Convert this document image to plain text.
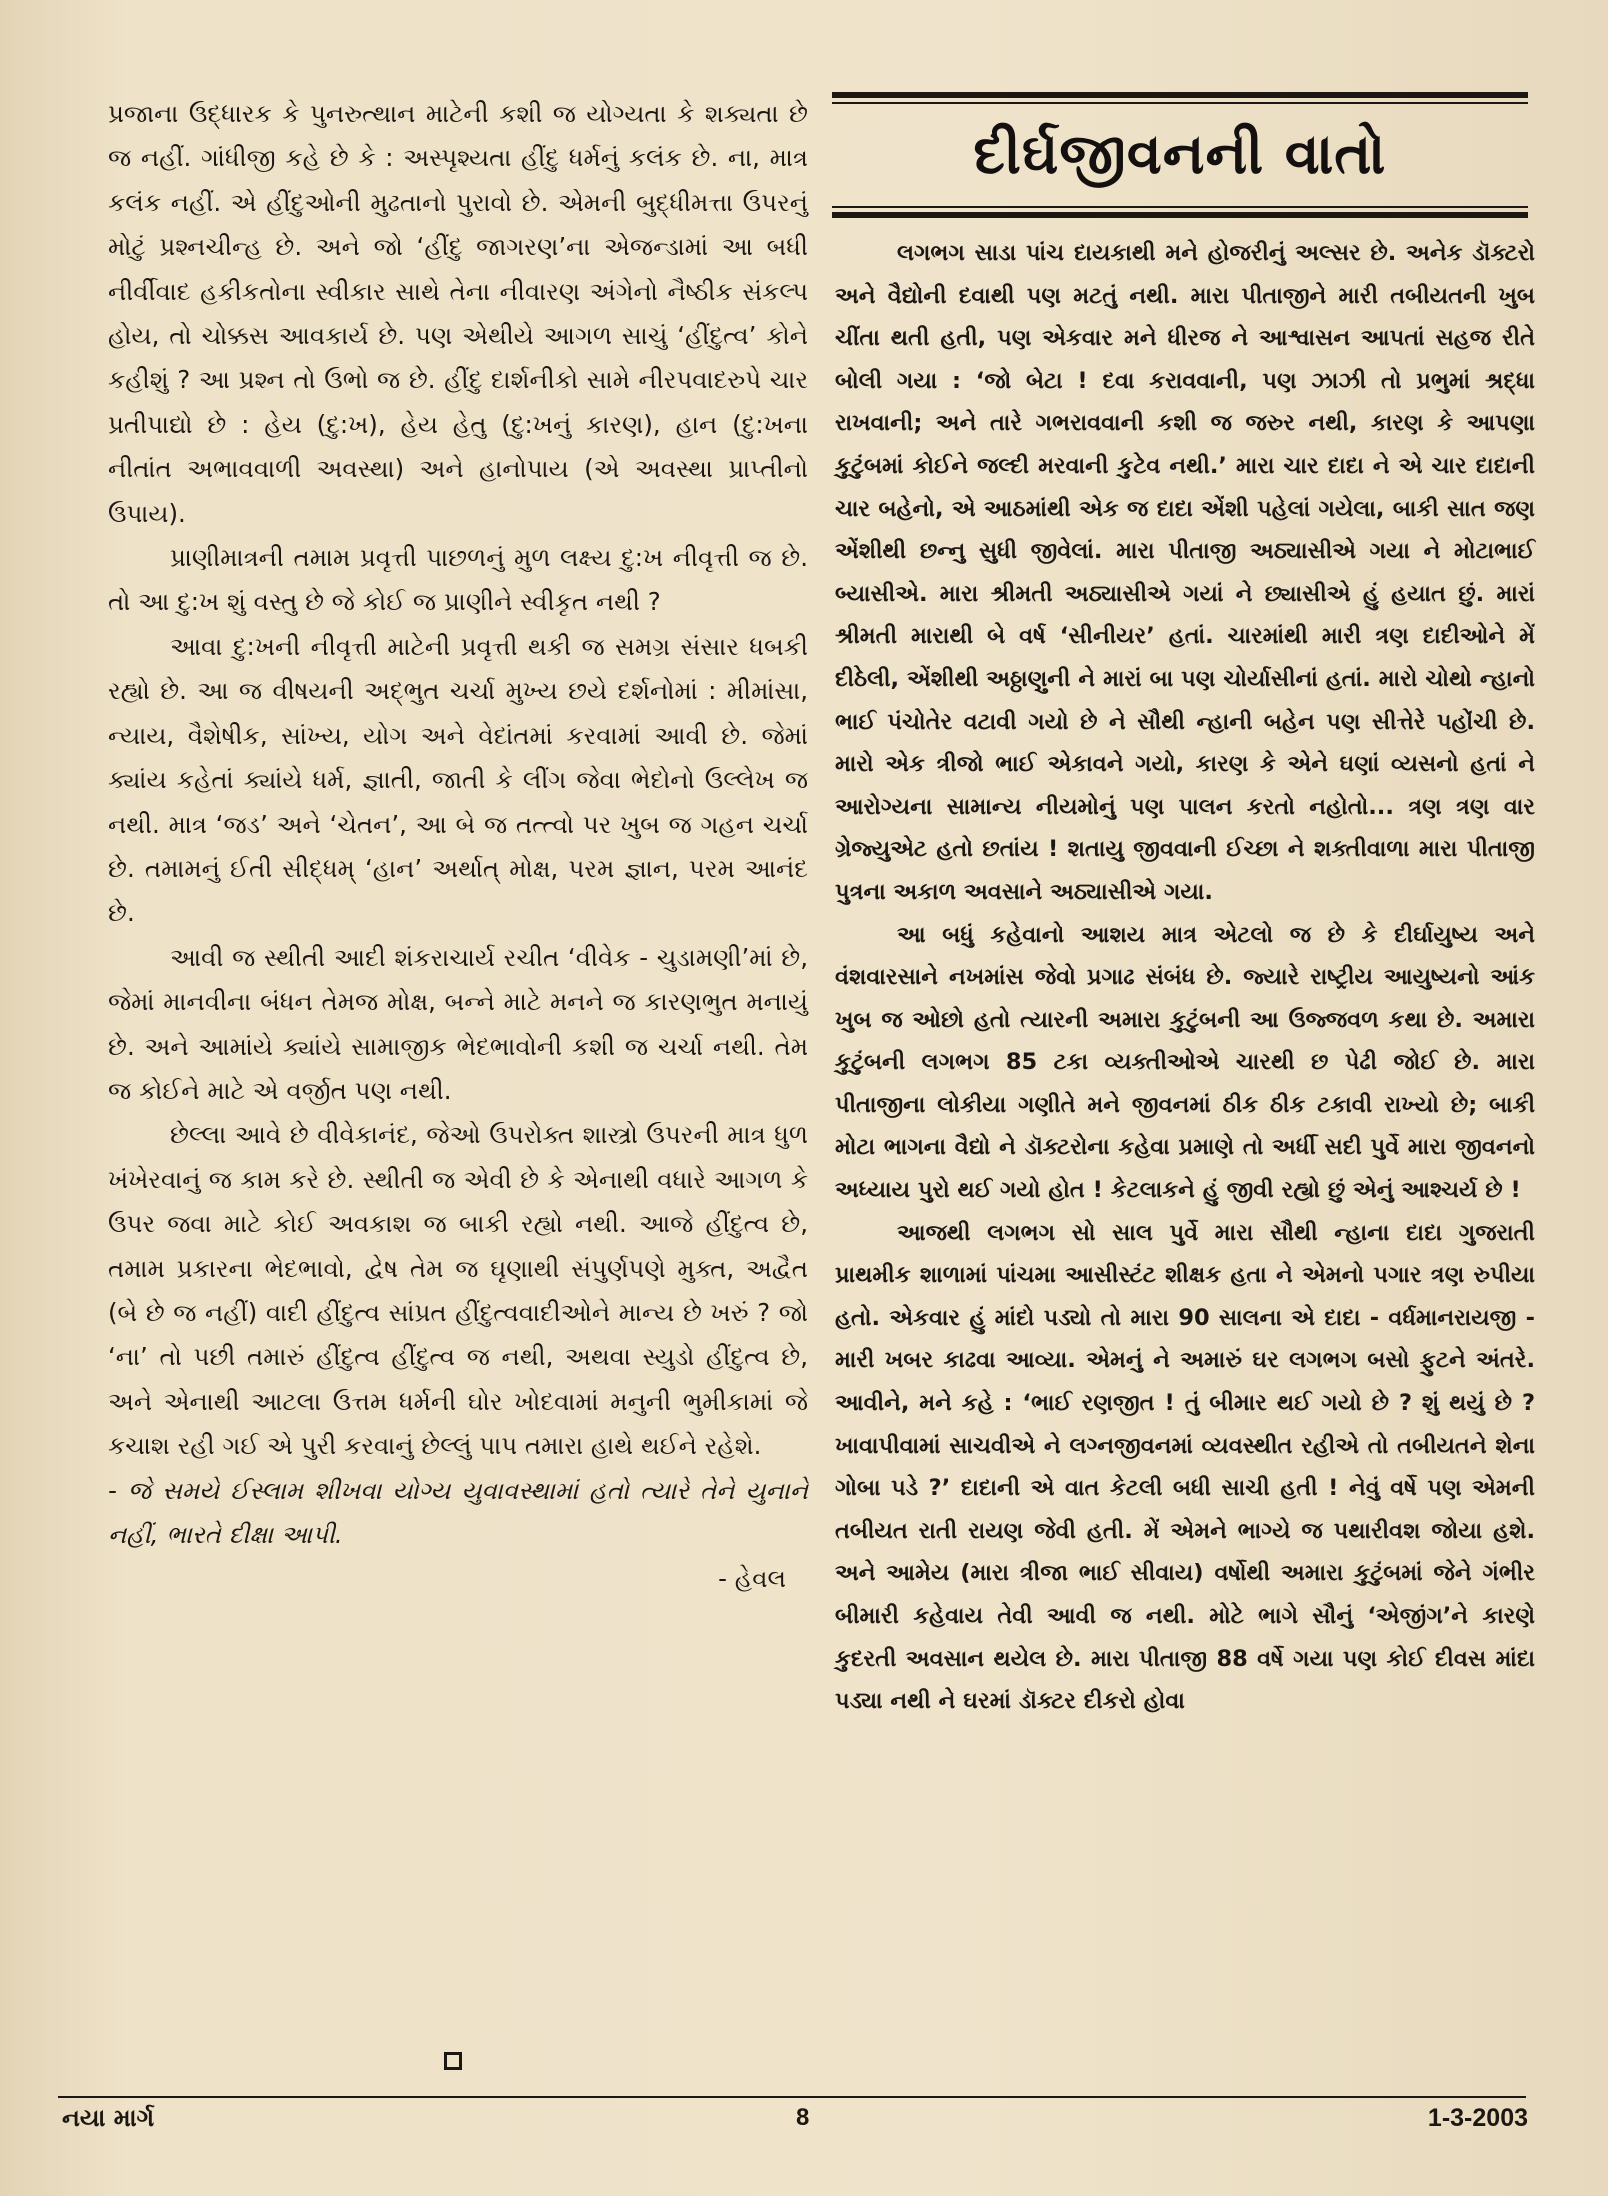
પ્રજાના ઉદ્ધારક કે પુનરુત્થાન માટેની કશી જ યોગ્યતા કે શક્યતા છે જ નહીં. ગાંધીજી કહે છે કે : અસ્પૃશ્યતા હીંદુ ધર્મનું કલંક છે. ના, માત્ર કલંક નહીં. એ હીંદુઓની મુઢતાનો પુરાવો છે. એમની બુદ્ધીમત્તા ઉપરનું મોટું પ્રશ્નચીન્હ છે. અને જો ‘હીંદુ જાગરણ’ના એજન્ડામાં આ બધી નીર્વીવાદ હકીકતોના સ્વીકાર સાથે તેના નીવારણ અંગેનો નૈષ્ઠીક સંકલ્પ હોય, તો ચોક્કસ આવકાર્ય છે. પણ એથીયે આગળ સાચું ‘હીંદુત્વ’ કોને કહીશું ? આ પ્રશ્ન તો ઉભો જ છે. હીંદુ દાર્શનીકો સામે નીરપવાદરુપે ચાર પ્રતીપાદ્યો છે : હેય (દુ:ખ), હેય હેતુ (દુ:ખનું કારણ), હાન (દુ:ખના નીતાંત અભાવવાળી અવસ્થા) અને હાનોપાય (એ અવસ્થા પ્રાપ્તીનો ઉપાય).

પ્રાણીમાત્રની તમામ પ્રવૃત્તી પાછળનું મુળ લક્ષ્ય દુ:ખ નીવૃત્તી જ છે. તો આ દુ:ખ શું વસ્તુ છે જે કોઈ જ પ્રાણીને સ્વીકૃત નથી ?

આવા દુ:ખની નીવૃત્તી માટેની પ્રવૃત્તી થકી જ સમગ્ર સંસાર ધબકી રહ્યો છે. આ જ વીષયની અદ્ભુત ચર્ચા મુખ્ય છયે દર્શનોમાં : મીમાંસા, ન્યાય, વૈશેષીક, સાંખ્ય, યોગ અને વેદાંતમાં કરવામાં આવી છે. જેમાં ક્યાંય કહેતાં ક્યાંયે ધર્મ, જ્ઞાતી, જાતી કે લીંગ જેવા ભેદોનો ઉલ્લેખ જ નથી. માત્ર ‘જડ’ અને ‘ચેતન’, આ બે જ તત્ત્વો પર ખુબ જ ગહન ચર્ચા છે. તમામનું ઈતી સીદ્ધમ્ ‘હાન’ અર્થાત્ મોક્ષ, પરમ જ્ઞાન, પરમ આનંદ છે.

આવી જ સ્થીતી આદી શંકરાચાર્ય રચીત ‘વીવેક - ચુડામણી’માં છે, જેમાં માનવીના બંધન તેમજ મોક્ષ, બન્ને માટે મનને જ કારણભુત મનાયું છે. અને આમાંયે ક્યાંયે સામાજીક ભેદભાવોની કશી જ ચર્ચા નથી. તેમ જ કોઈને માટે એ વર્જીત પણ નથી.

છેલ્લા આવે છે વીવેકાનંદ, જેઓ ઉપરોક્ત શાસ્ત્રો ઉપરની માત્ર ધુળ ખંખેરવાનું જ કામ કરે છે. સ્થીતી જ એવી છે કે એનાથી વધારે આગળ કે ઉપર જવા માટે કોઈ અવકાશ જ બાકી રહ્યો નથી. આજે હીંદુત્વ છે, તમામ પ્રકારના ભેદભાવો, દ્વેષ તેમ જ ઘૃણાથી સંપુર્ણપણે મુક્ત, અદ્વૈત (બે છે જ નહીં) વાદી હીંદુત્વ સાંપ્રત હીંદુત્વવાદીઓને માન્ય છે ખરું ? જો ‘ના’ તો પછી તમારું હીંદુત્વ હીંદુત્વ જ નથી, અથવા સ્યુડો હીંદુત્વ છે, અને એનાથી આટલા ઉત્તમ ધર્મની ઘોર ખોદવામાં મનુની ભુમીકામાં જે કચાશ રહી ગઈ એ પુરી કરવાનું છેલ્લું પાપ તમારા હાથે થઈને રહેશે.

- જે સમયે ઈસ્લામ શીખવા યોગ્ય યુવાવસ્થામાં હતો ત્યારે તેને યુનાને નહીં, ભારતે દીક્ષા આપી.

- હેવલ

દીર્ઘજીવનની વાતો

લગભગ સાડા પાંચ દાયકાથી મને હોજરીનું અલ્સર છે. અનેક ડૉક્ટરો અને વૈદ્યોની દવાથી પણ મટતું નથી. મારા પીતાજીને મારી તબીયતની ખુબ ચીંતા થતી હતી, પણ એકવાર મને ધીરજ ને આશ્વાસન આપતાં સહજ રીતે બોલી ગયા : ‘જો બેટા ! દવા કરાવવાની, પણ ઝાઝી તો પ્રભુમાં શ્રદ્ધા રાખવાની; અને તારે ગભરાવવાની કશી જ જરુર નથી, કારણ કે આપણા કુટુંબમાં કોઈને જલ્દી મરવાની કુટેવ નથી.’ મારા ચાર દાદા ને એ ચાર દાદાની ચાર બહેનો, એ આઠમાંથી એક જ દાદા એંશી પહેલાં ગયેલા, બાકી સાત જણ એંશીથી છન્નુ સુધી જીવેલાં. મારા પીતાજી અઠ્યાસીએ ગયા ને મોટાભાઈ બ્યાસીએ. મારા શ્રીમતી અઠ્યાસીએ ગયાં ને છ્યાસીએ હું હયાત છું. મારાં શ્રીમતી મારાથી બે વર્ષ ‘સીનીયર’ હતાં. ચારમાંથી મારી ત્રણ દાદીઓને મેં દીઠેલી, એંશીથી અઠ્ઠાણુની ને મારાં બા પણ ચોર્યાસીનાં હતાં. મારો ચોથો ન્હાનો ભાઈ પંચોતેર વટાવી ગયો છે ને સૌથી ન્હાની બહેન પણ સીત્તેરે પહોંચી છે. મારો એક ત્રીજો ભાઈ એકાવને ગયો, કારણ કે એને ઘણાં વ્યસનો હતાં ને આરોગ્યના સામાન્ય નીયમોનું પણ પાલન કરતો નહોતો... ત્રણ ત્રણ વાર ગ્રેજ્યુએટ હતો છતાંય ! શતાયુ જીવવાની ઈચ્છા ને શક્તીવાળા મારા પીતાજી પુત્રના અકાળ અવસાને અઠ્યાસીએ ગયા.

આ બધું કહેવાનો આશય માત્ર એટલો જ છે કે દીર્ઘાયુષ્ય અને વંશવારસાને નખમાંસ જેવો પ્રગાઢ સંબંધ છે. જ્યારે રાષ્ટ્રીય આયુષ્યનો આંક ખુબ જ ઓછો હતો ત્યારની અમારા કુટુંબની આ ઉજ્જવળ કથા છે. અમારા કુટુંબની લગભગ 85 ટકા વ્યક્તીઓએ ચારથી છ પેઢી જોઈ છે. મારા પીતાજીના લોકીયા ગણીતે મને જીવનમાં ઠીક ઠીક ટકાવી રાખ્યો છે; બાકી મોટા ભાગના વૈદ્યો ને ડૉક્ટરોના કહેવા પ્રમાણે તો અર્ધી સદી પુર્વે મારા જીવનનો અધ્યાય પુરો થઈ ગયો હોત ! કેટલાકને હું જીવી રહ્યો છું એનું આશ્ચર્ય છે !

આજથી લગભગ સો સાલ પુર્વે મારા સૌથી ન્હાના દાદા ગુજરાતી પ્રાથમીક શાળામાં પાંચમા આસીસ્ટંટ શીક્ષક હતા ને એમનો પગાર ત્રણ રુપીયા હતો. એકવાર હું માંદો પડ્યો તો મારા 90 સાલના એ દાદા - વર્ધમાનરાયજી - મારી ખબર કાઢવા આવ્યા. એમનું ને અમારું ઘર લગભગ બસો ફુટને અંતરે. આવીને, મને કહે : ‘ભાઈ રણજીત ! તું બીમાર થઈ ગયો છે ? શું થયું છે ? ખાવાપીવામાં સાચવીએ ને લગ્નજીવનમાં વ્યવસ્થીત રહીએ તો તબીયતને શેના ગોબા પડે ?’ દાદાની એ વાત કેટલી બધી સાચી હતી ! નેવું વર્ષે પણ એમની તબીયત રાતી રાયણ જેવી હતી. મેં એમને ભાગ્યે જ પથારીવશ જોયા હશે. અને આમેય (મારા ત્રીજા ભાઈ સીવાય) વર્ષોથી અમારા કુટુંબમાં જેને ગંભીર બીમારી કહેવાય તેવી આવી જ નથી. મોટે ભાગે સૌનું ‘એજીંગ’ને કારણે કુદરતી અવસાન થયેલ છે. મારા પીતાજી 88 વર્ષે ગયા પણ કોઈ દીવસ માંદા પડ્યા નથી ને ઘરમાં ડૉક્ટર દીકરો હોવા

નયા માર્ગ	8	1-3-2003
